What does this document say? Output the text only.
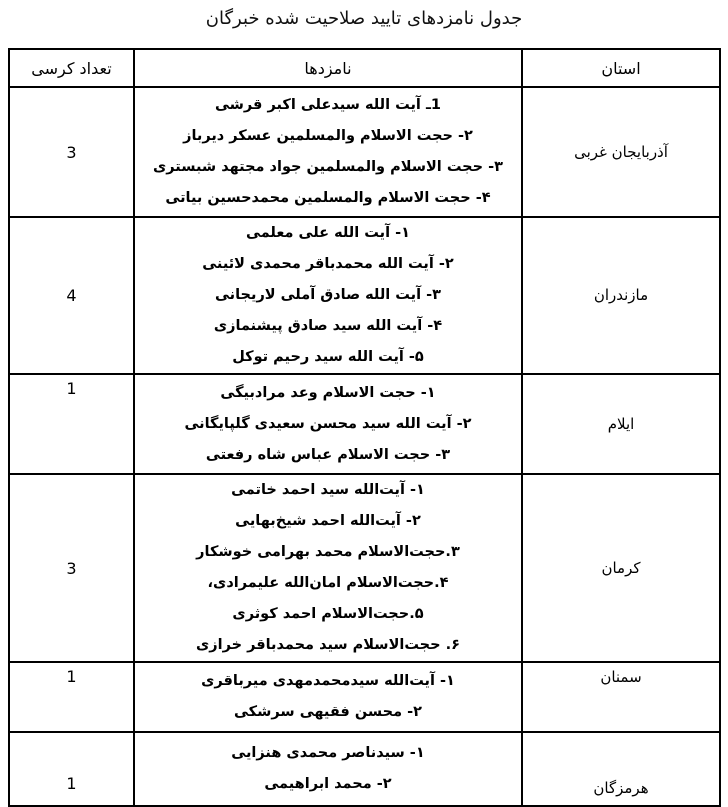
جدول نامزدهای تایید صلاحیت شده خبرگان
استان	نامزدها	تعداد کرسی
آذربایجان غربی	1ـ آیت الله سیدعلی اکبر قرشی
۲- حجت الاسلام والمسلمین عسکر دیرباز
۳- حجت الاسلام والمسلمین جواد مجتهد شبستری
۴- حجت الاسلام والمسلمین محمدحسین بیاتی	3
مازندران	۱- آیت الله علی معلمی
۲- آیت الله محمدباقر محمدی لائینی
۳- آیت الله صادق آملی لاریجانی
۴- آیت الله سید صادق پیشنمازی
۵- آیت الله سید رحیم توکل	4
ایلام	۱- حجت الاسلام وعد مرادبیگی
۲- آیت الله سید محسن سعیدی گلپایگانی
۳- حجت الاسلام عباس شاه رفعتی	1
کرمان	
۱- آیت‌الله سید احمد خاتمی
۲- آیت‌الله احمد شیخ‌بهایی
۳.حجت‌الاسلام محمد بهرامی خوشکار
۴.حجت‌الاسلام امان‌الله علیمرادی،
۵.حجت‌الاسلام احمد کوثری
۶. حجت‌الاسلام سید محمدباقر خرازی
	3
سمنان	۱- آیت‌الله سیدمحمدمهدی میرباقری
۲- محسن فقیهی سرشکی	1
هرمزگان	۱- سیدناصر محمدی هنزایی
۲- محمد ابراهیمی	1
